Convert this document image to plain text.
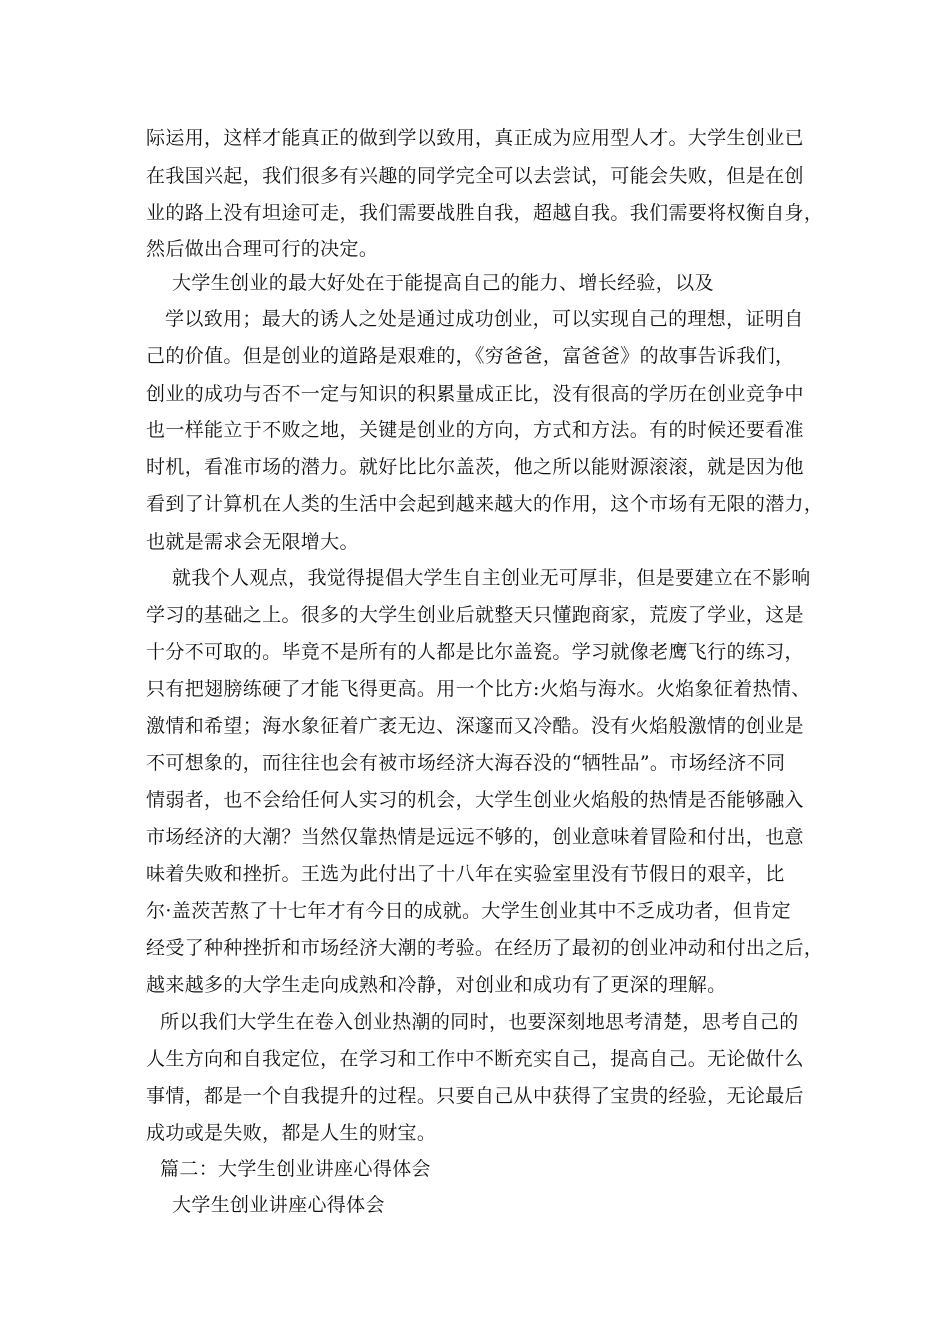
际运用，这样才能真正的做到学以致用，真正成为应用型人才。大学生创业已

在我国兴起，我们很多有兴趣的同学完全可以去尝试，可能会失败，但是在创

业的路上没有坦途可走，我们需要战胜自我，超越自我。我们需要将权衡自身，

然后做出合理可行的决定。

大学生创业的最大好处在于能提高自己的能力、增长经验，以及

学以致用；最大的诱人之处是通过成功创业，可以实现自己的理想，证明自

己的价值。但是创业的道路是艰难的，《穷爸爸，富爸爸》的故事告诉我们，

创业的成功与否不一定与知识的积累量成正比，没有很高的学历在创业竞争中

也一样能立于不败之地，关键是创业的方向，方式和方法。有的时候还要看准

时机，看准市场的潜力。就好比比尔盖茨，他之所以能财源滚滚，就是因为他

看到了计算机在人类的生活中会起到越来越大的作用，这个市场有无限的潜力，

也就是需求会无限增大。

就我个人观点，我觉得提倡大学生自主创业无可厚非，但是要建立在不影响

学习的基础之上。很多的大学生创业后就整天只懂跑商家，荒废了学业，这是

十分不可取的。毕竟不是所有的人都是比尔盖瓷。学习就像老鹰飞行的练习，

只有把翅膀练硬了才能飞得更高。用一个比方:火焰与海水。火焰象征着热情、

激情和希望；海水象征着广袤无边、深邃而又冷酷。没有火焰般激情的创业是

不可想象的，而往往也会有被市场经济大海吞没的“牺牲品”。市场经济不同

情弱者，也不会给任何人实习的机会，大学生创业火焰般的热情是否能够融入

市场经济的大潮？当然仅靠热情是远远不够的，创业意味着冒险和付出，也意

味着失败和挫折。王选为此付出了十八年在实验室里没有节假日的艰辛，比

尔·盖茨苦熬了十七年才有今日的成就。大学生创业其中不乏成功者，但肯定

经受了种种挫折和市场经济大潮的考验。在经历了最初的创业冲动和付出之后，

越来越多的大学生走向成熟和冷静，对创业和成功有了更深的理解。

所以我们大学生在卷入创业热潮的同时，也要深刻地思考清楚，思考自己的

人生方向和自我定位，在学习和工作中不断充实自己，提高自己。无论做什么

事情，都是一个自我提升的过程。只要自己从中获得了宝贵的经验，无论最后

成功或是失败，都是人生的财宝。

篇二：大学生创业讲座心得体会

大学生创业讲座心得体会
